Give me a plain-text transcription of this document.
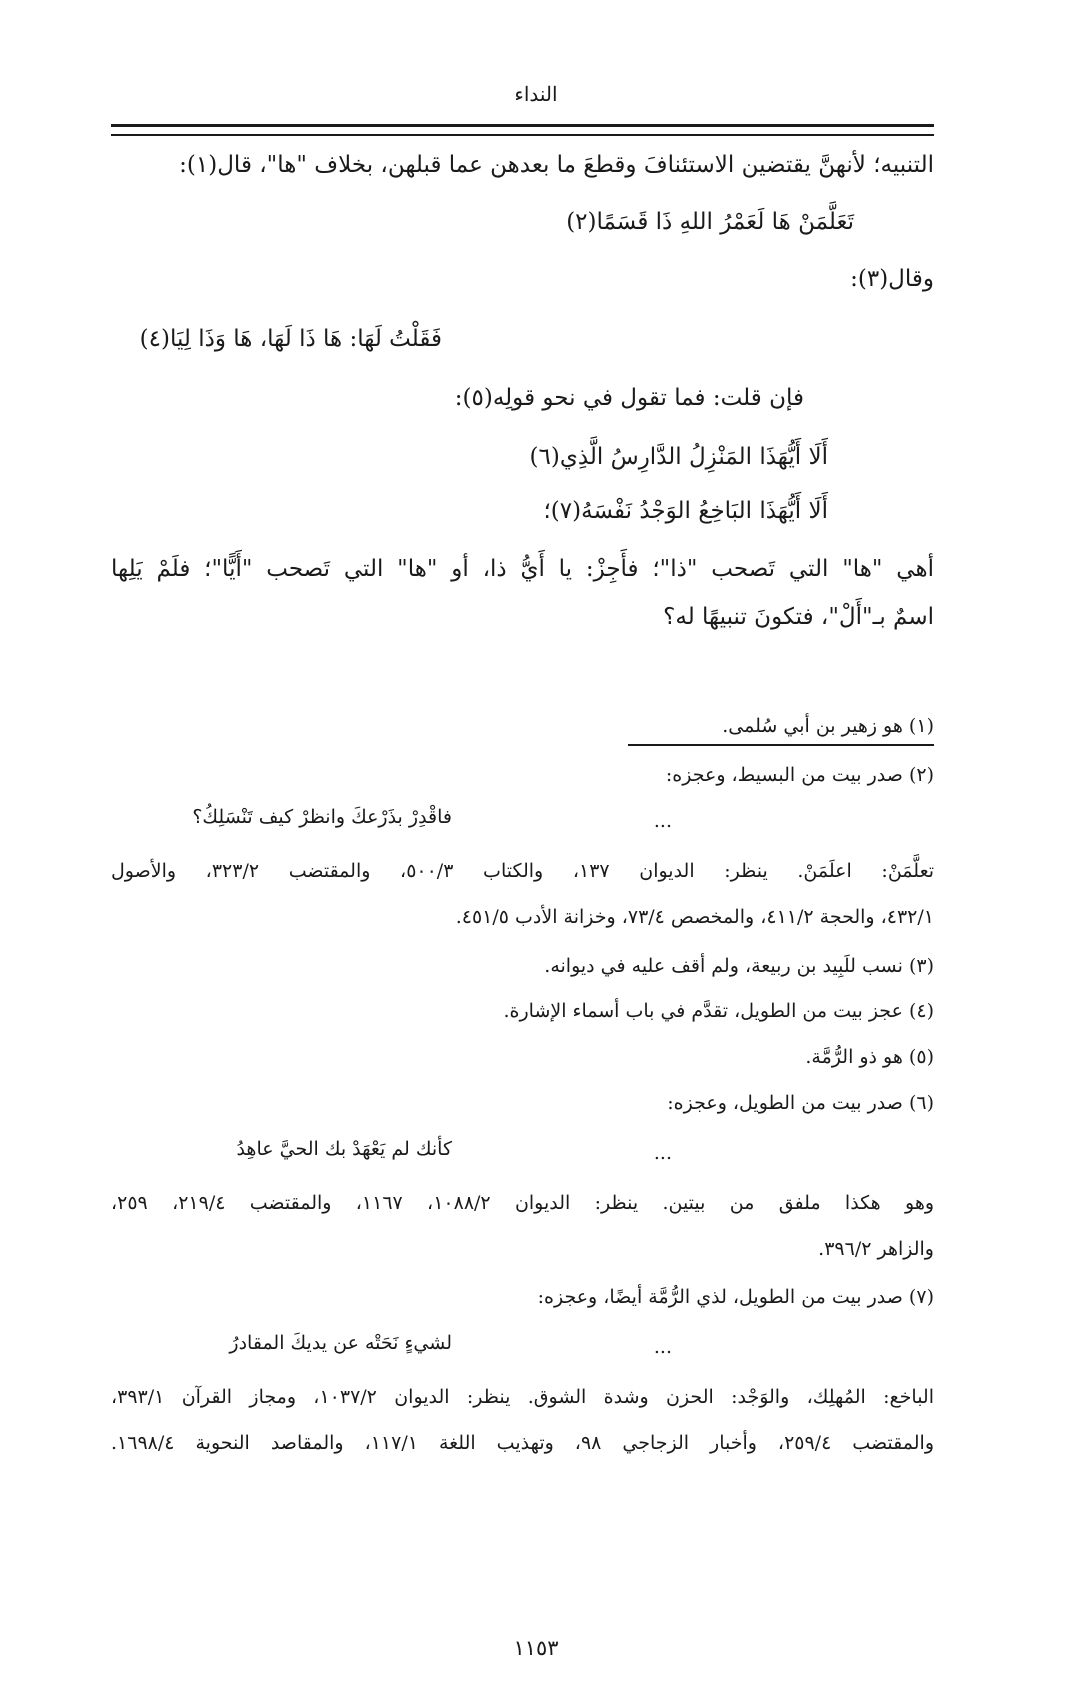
النداء
التنبيه؛ لأنهنَّ يقتضين الاستئنافَ وقطعَ ما بعدهن عما قبلهن، بخلاف "ها"، قال(١):
تَعَلَّمَنْ هَا لَعَمْرُ اللهِ ذَا قَسَمًا(٢)
وقال(٣):
فَقَلْتُ لَهَا: هَا ذَا لَهَا، هَا وَذَا لِيَا(٤)
فإن قلت: فما تقول في نحو قولِه(٥):
أَلَا أَيُّهَذَا المَنْزِلُ الدَّارِسُ الَّذِي(٦)
أَلَا أَيُّهَذَا البَاخِعُ الوَجْدُ نَفْسَهُ(٧)؛
أهي "ها" التي تَصحب "ذا"؛ فأَجِزْ: يا أَيُّ ذا، أو "ها" التي تَصحب "أَيًّا"؛ فلَمْ يَلِها
اسمٌ بـ"أَلْ"، فتكونَ تنبيهًا له؟
(١) هو زهير بن أبي سُلمى.
(٢) صدر بيت من البسيط، وعجزه:
...
فاقْدِرْ بذَرْعكَ وانظرْ كيف تَنْسَلِكُ؟
تعلَّمَنْ: اعلَمَنْ. ينظر: الديوان ١٣٧، والكتاب ٥٠٠/٣، والمقتضب ٣٢٣/٢، والأصول
٤٣٢/١، والحجة ٤١١/٢، والمخصص ٧٣/٤، وخزانة الأدب ٤٥١/٥.
(٣) نسب للَبِيد بن ربيعة، ولم أقف عليه في ديوانه.
(٤) عجز بيت من الطويل، تقدَّم في باب أسماء الإشارة.
(٥) هو ذو الرُّمَّة.
(٦) صدر بيت من الطويل، وعجزه:
...
كأنك لم يَعْهَدْ بك الحيَّ عاهِدُ
وهو هكذا ملفق من بيتين. ينظر: الديوان ١٠٨٨/٢، ١١٦٧، والمقتضب ٢١٩/٤، ٢٥٩،
والزاهر ٣٩٦/٢.
(٧) صدر بيت من الطويل، لذي الرُّمَّة أيضًا، وعجزه:
...
لشيءٍ نَحَتْه عن يديكَ المقادرُ
الباخع: المُهلِك، والوَجْد: الحزن وشدة الشوق. ينظر: الديوان ١٠٣٧/٢، ومجاز القرآن ٣٩٣/١،
والمقتضب ٢٥٩/٤، وأخبار الزجاجي ٩٨، وتهذيب اللغة ١١٧/١، والمقاصد النحوية ١٦٩٨/٤.
١١٥٣
